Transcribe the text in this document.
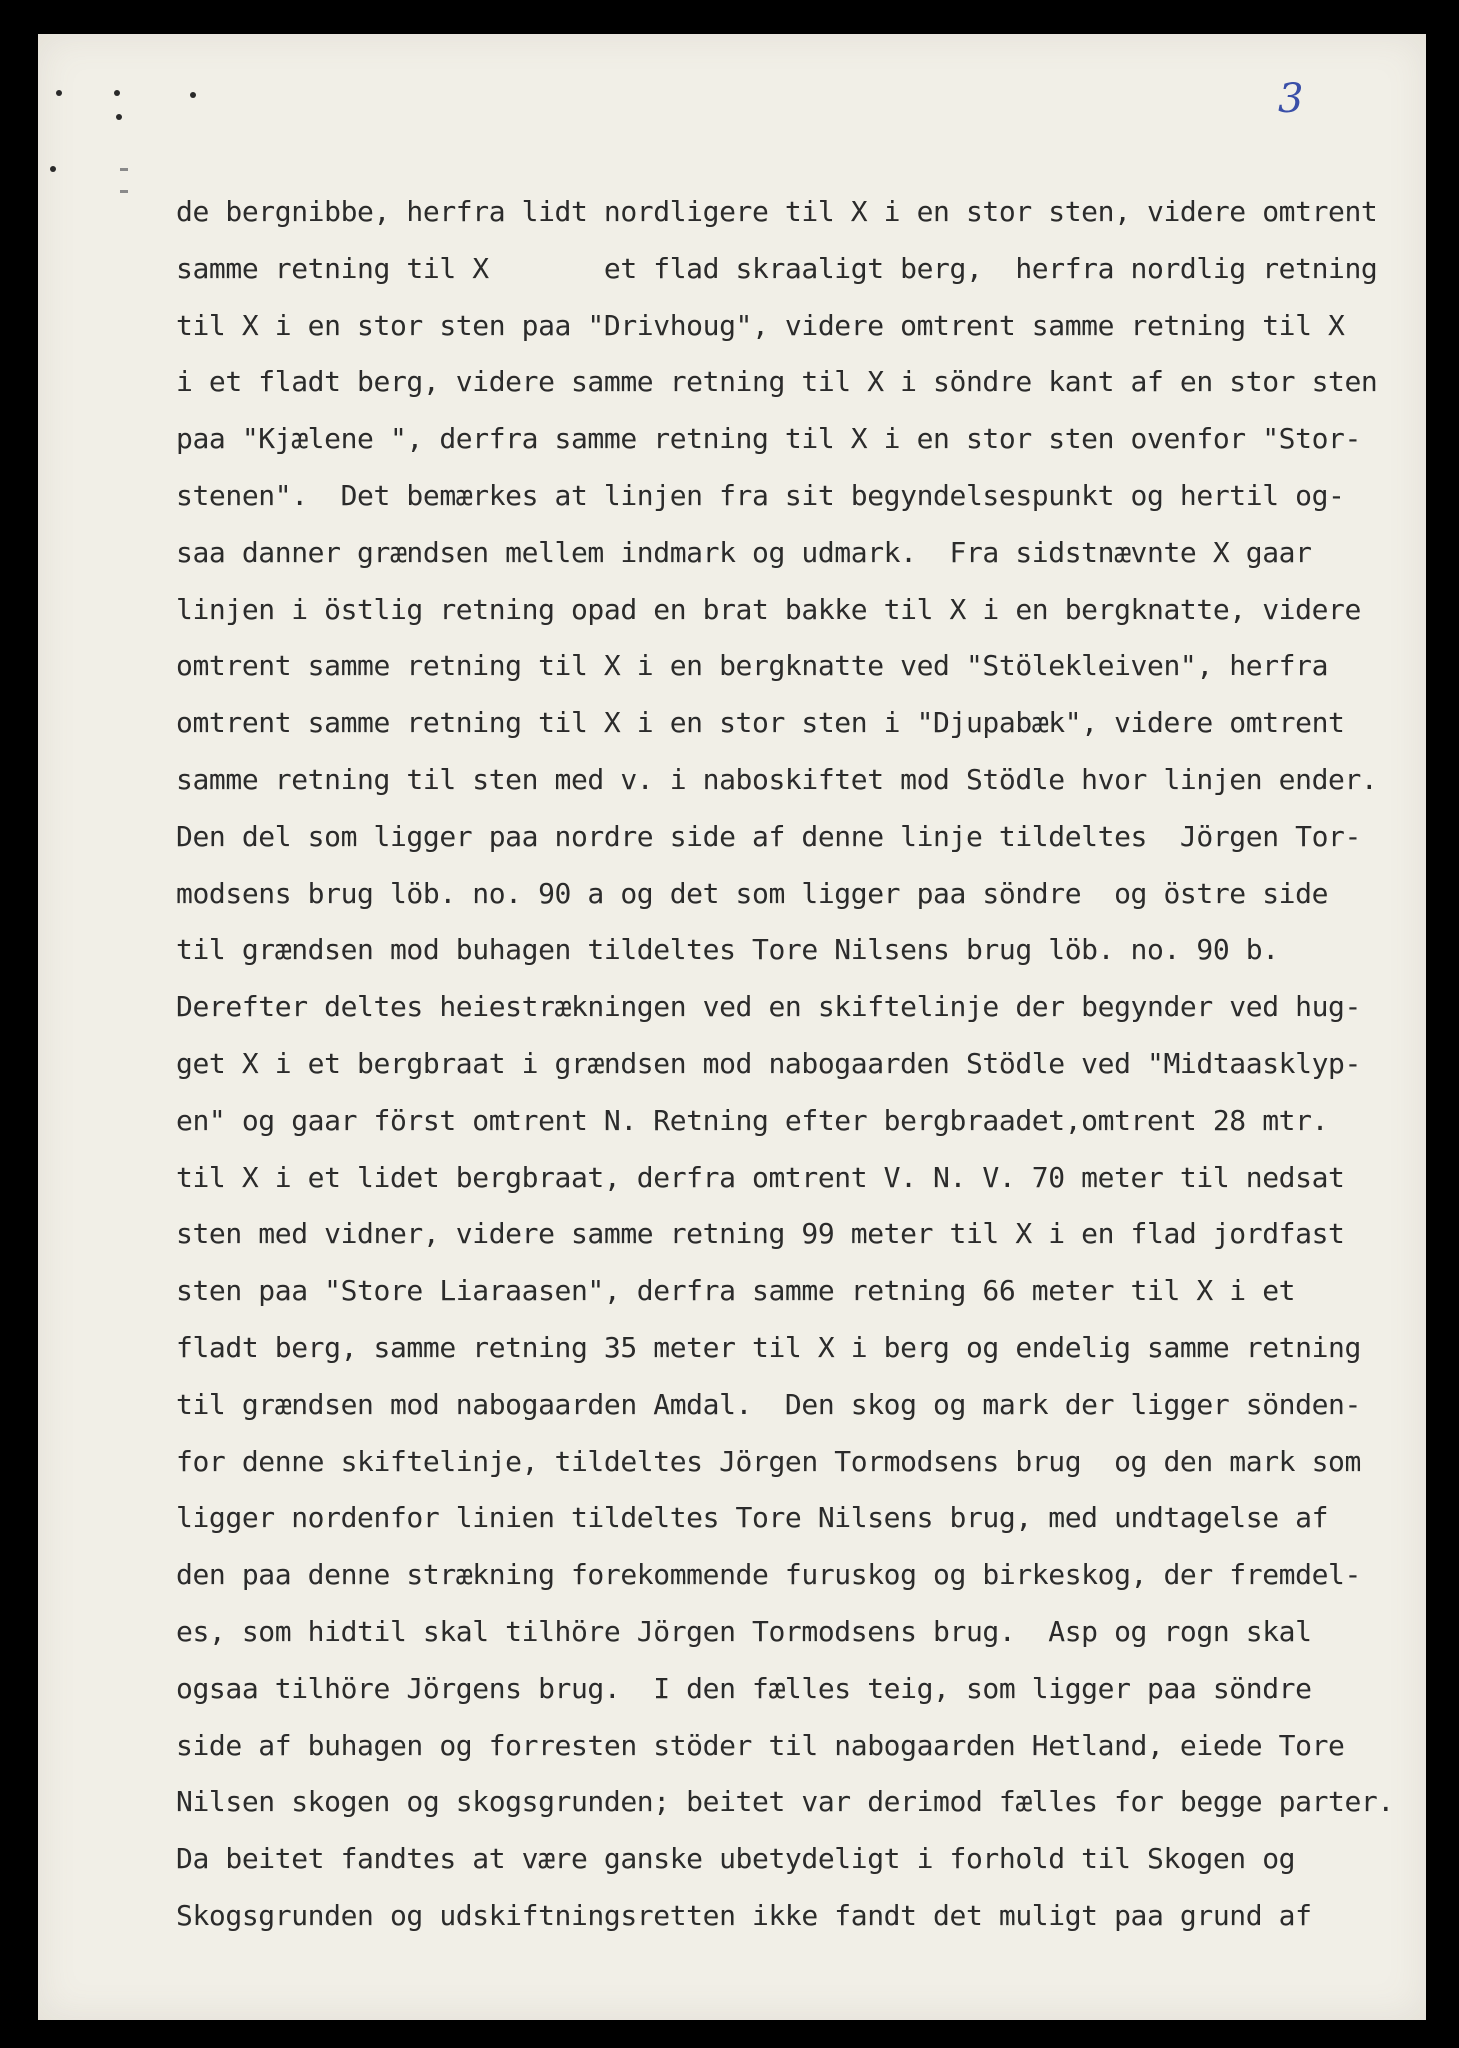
3
de bergnibbe, herfra lidt nordligere til X i en stor sten, videre omtrent
samme retning til X       et flad skraaligt berg,  herfra nordlig retning
til X i en stor sten paa "Drivhoug", videre omtrent samme retning til X
i et fladt berg, videre samme retning til X i söndre kant af en stor sten
paa "Kjælene ", derfra samme retning til X i en stor sten ovenfor "Stor-
stenen".  Det bemærkes at linjen fra sit begyndelsespunkt og hertil og-
saa danner grændsen mellem indmark og udmark.  Fra sidstnævnte X gaar
linjen i östlig retning opad en brat bakke til X i en bergknatte, videre
omtrent samme retning til X i en bergknatte ved "Stölekleiven", herfra
omtrent samme retning til X i en stor sten i "Djupabæk", videre omtrent
samme retning til sten med v. i naboskiftet mod Stödle hvor linjen ender.
Den del som ligger paa nordre side af denne linje tildeltes  Jörgen Tor-
modsens brug löb. no. 90 a og det som ligger paa söndre  og östre side
til grændsen mod buhagen tildeltes Tore Nilsens brug löb. no. 90 b.
Derefter deltes heiestrækningen ved en skiftelinje der begynder ved hug-
get X i et bergbraat i grændsen mod nabogaarden Stödle ved "Midtaasklyp-
en" og gaar först omtrent N. Retning efter bergbraadet,omtrent 28 mtr.
til X i et lidet bergbraat, derfra omtrent V. N. V. 70 meter til nedsat
sten med vidner, videre samme retning 99 meter til X i en flad jordfast
sten paa "Store Liaraasen", derfra samme retning 66 meter til X i et
fladt berg, samme retning 35 meter til X i berg og endelig samme retning
til grændsen mod nabogaarden Amdal.  Den skog og mark der ligger sönden-
for denne skiftelinje, tildeltes Jörgen Tormodsens brug  og den mark som
ligger nordenfor linien tildeltes Tore Nilsens brug, med undtagelse af
den paa denne strækning forekommende furuskog og birkeskog, der fremdel-
es, som hidtil skal tilhöre Jörgen Tormodsens brug.  Asp og rogn skal
ogsaa tilhöre Jörgens brug.  I den fælles teig, som ligger paa söndre
side af buhagen og forresten stöder til nabogaarden Hetland, eiede Tore
Nilsen skogen og skogsgrunden; beitet var derimod fælles for begge parter.
Da beitet fandtes at være ganske ubetydeligt i forhold til Skogen og
Skogsgrunden og udskiftningsretten ikke fandt det muligt paa grund af
